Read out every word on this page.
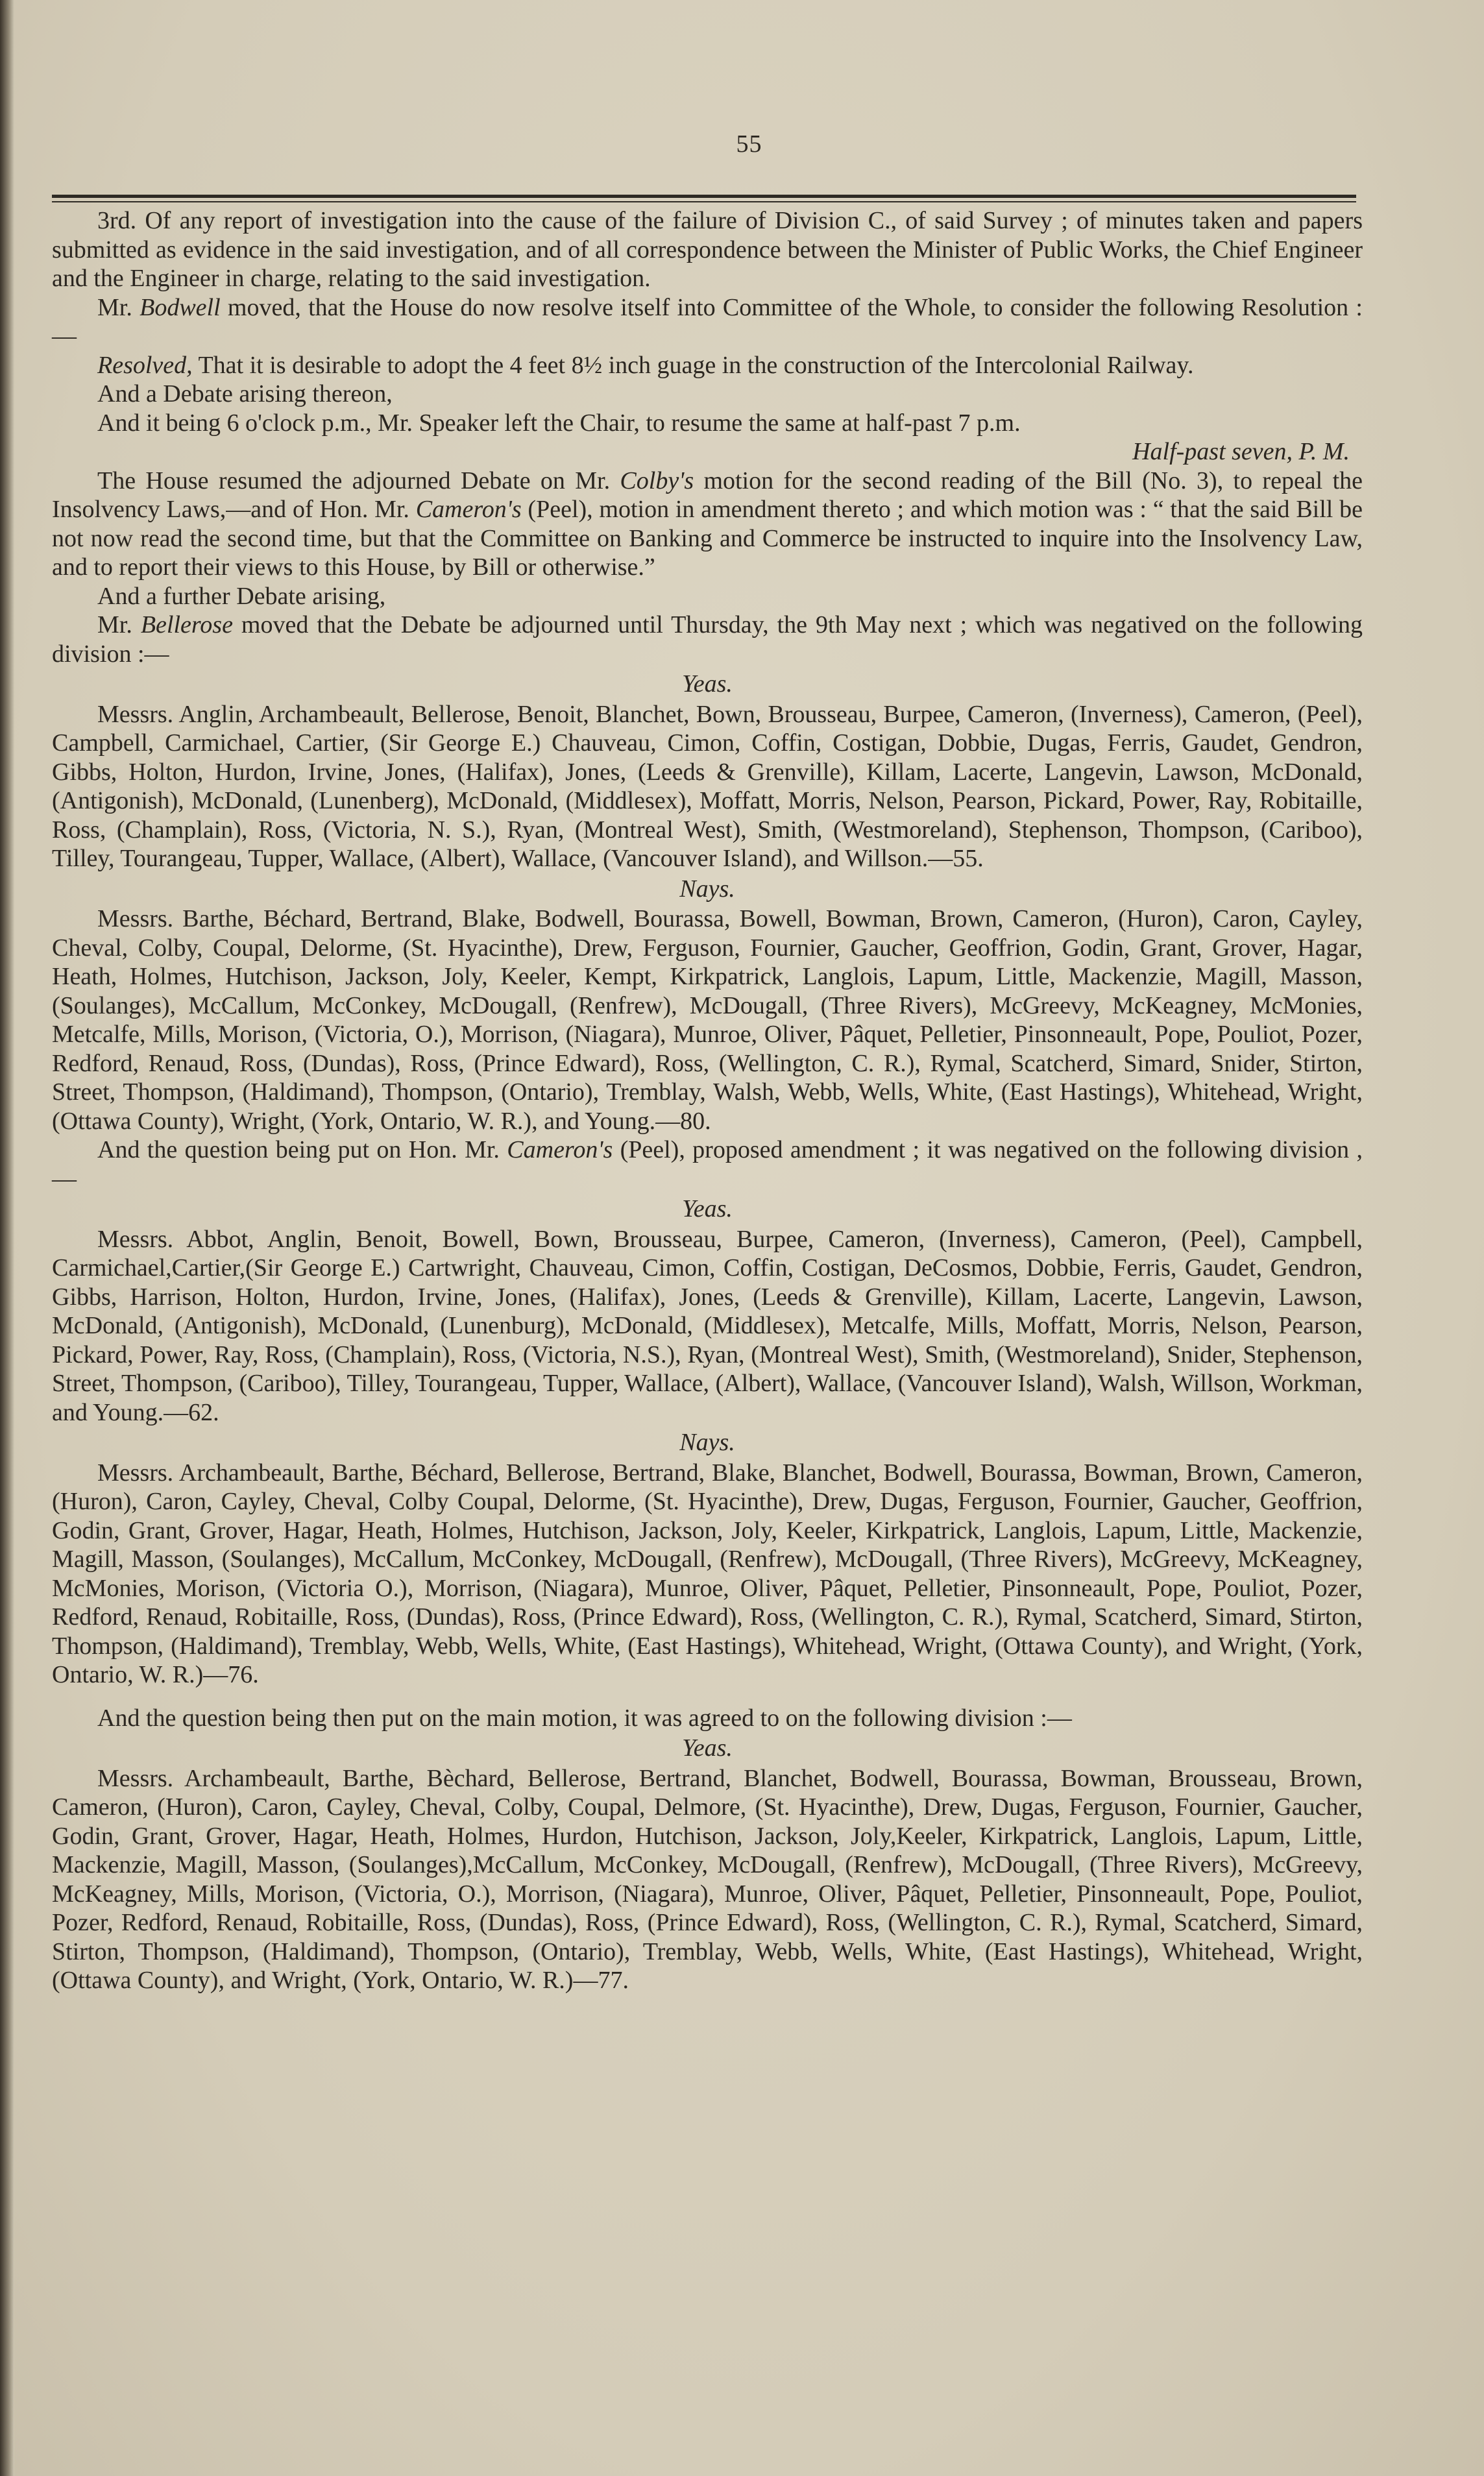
55

3rd. Of any report of investigation into the cause of the failure of Division C., of said Survey ; of minutes taken and papers submitted as evidence in the said investigation, and of all correspondence between the Minister of Public Works, the Chief Engineer and the Engineer in charge, relating to the said investigation.

Mr. Bodwell moved, that the House do now resolve itself into Committee of the Whole, to consider the following Resolution :—

Resolved, That it is desirable to adopt the 4 feet 8½ inch guage in the construction of the Intercolonial Railway.

And a Debate arising thereon,

And it being 6 o'clock p.m., Mr. Speaker left the Chair, to resume the same at half-past 7 p.m.

Half-past seven, P. M.

The House resumed the adjourned Debate on Mr. Colby's motion for the second reading of the Bill (No. 3), to repeal the Insolvency Laws,—and of Hon. Mr. Cameron's (Peel), motion in amendment thereto ; and which motion was : “ that the said Bill be not now read the second time, but that the Committee on Banking and Commerce be instructed to inquire into the Insolvency Law, and to report their views to this House, by Bill or otherwise.”

And a further Debate arising,

Mr. Bellerose moved that the Debate be adjourned until Thursday, the 9th May next ; which was negatived on the following division :—

Yeas.

Messrs. Anglin, Archambeault, Bellerose, Benoit, Blanchet, Bown, Brousseau, Burpee, Cameron, (Inverness), Cameron, (Peel), Campbell, Carmichael, Cartier, (Sir George E.) Chauveau, Cimon, Coffin, Costigan, Dobbie, Dugas, Ferris, Gaudet, Gendron, Gibbs, Holton, Hurdon, Irvine, Jones, (Halifax), Jones, (Leeds & Grenville), Killam, Lacerte, Langevin, Lawson, McDonald, (Antigonish), McDonald, (Lunenberg), McDonald, (Middlesex), Moffatt, Morris, Nelson, Pearson, Pickard, Power, Ray, Robitaille, Ross, (Champlain), Ross, (Victoria, N. S.), Ryan, (Montreal West), Smith, (Westmoreland), Stephenson, Thompson, (Cariboo), Tilley, Tourangeau, Tupper, Wallace, (Albert), Wallace, (Vancouver Island), and Willson.—55.

Nays.

Messrs. Barthe, Béchard, Bertrand, Blake, Bodwell, Bourassa, Bowell, Bowman, Brown, Cameron, (Huron), Caron, Cayley, Cheval, Colby, Coupal, Delorme, (St. Hyacinthe), Drew, Ferguson, Fournier, Gaucher, Geoffrion, Godin, Grant, Grover, Hagar, Heath, Holmes, Hutchison, Jackson, Joly, Keeler, Kempt, Kirkpatrick, Langlois, Lapum, Little, Mackenzie, Magill, Masson, (Soulanges), McCallum, McConkey, McDougall, (Renfrew), McDougall, (Three Rivers), McGreevy, McKeagney, McMonies, Metcalfe, Mills, Morison, (Victoria, O.), Morrison, (Niagara), Munroe, Oliver, Pâquet, Pelletier, Pinsonneault, Pope, Pouliot, Pozer, Redford, Renaud, Ross, (Dundas), Ross, (Prince Edward), Ross, (Wellington, C. R.), Rymal, Scatcherd, Simard, Snider, Stirton, Street, Thompson, (Haldimand), Thompson, (Ontario), Tremblay, Walsh, Webb, Wells, White, (East Hastings), Whitehead, Wright, (Ottawa County), Wright, (York, Ontario, W. R.), and Young.—80.

And the question being put on Hon. Mr. Cameron's (Peel), proposed amendment ; it was negatived on the following division ,—

Yeas.

Messrs. Abbot, Anglin, Benoit, Bowell, Bown, Brousseau, Burpee, Cameron, (Inverness), Cameron, (Peel), Campbell, Carmichael,Cartier,(Sir George E.) Cartwright, Chauveau, Cimon, Coffin, Costigan, DeCosmos, Dobbie, Ferris, Gaudet, Gendron, Gibbs, Harrison, Holton, Hurdon, Irvine, Jones, (Halifax), Jones, (Leeds & Grenville), Killam, Lacerte, Langevin, Lawson, McDonald, (Antigonish), McDonald, (Lunenburg), McDonald, (Middlesex), Metcalfe, Mills, Moffatt, Morris, Nelson, Pearson, Pickard, Power, Ray, Ross, (Champlain), Ross, (Victoria, N.S.), Ryan, (Montreal West), Smith, (Westmoreland), Snider, Stephenson, Street, Thompson, (Cariboo), Tilley, Tourangeau, Tupper, Wallace, (Albert), Wallace, (Vancouver Island), Walsh, Willson, Workman, and Young.—62.

Nays.

Messrs. Archambeault, Barthe, Béchard, Bellerose, Bertrand, Blake, Blanchet, Bodwell, Bourassa, Bowman, Brown, Cameron, (Huron), Caron, Cayley, Cheval, Colby Coupal, Delorme, (St. Hyacinthe), Drew, Dugas, Ferguson, Fournier, Gaucher, Geoffrion, Godin, Grant, Grover, Hagar, Heath, Holmes, Hutchison, Jackson, Joly, Keeler, Kirkpatrick, Langlois, Lapum, Little, Mackenzie, Magill, Masson, (Soulanges), McCallum, McConkey, McDougall, (Renfrew), McDougall, (Three Rivers), McGreevy, McKeagney, McMonies, Morison, (Victoria O.), Morrison, (Niagara), Munroe, Oliver, Pâquet, Pelletier, Pinsonneault, Pope, Pouliot, Pozer, Redford, Renaud, Robitaille, Ross, (Dundas), Ross, (Prince Edward), Ross, (Wellington, C. R.), Rymal, Scatcherd, Simard, Stirton, Thompson, (Haldimand), Tremblay, Webb, Wells, White, (East Hastings), Whitehead, Wright, (Ottawa County), and Wright, (York, Ontario, W. R.)—76.

And the question being then put on the main motion, it was agreed to on the following division :—

Yeas.

Messrs. Archambeault, Barthe, Bèchard, Bellerose, Bertrand, Blanchet, Bodwell, Bourassa, Bowman, Brousseau, Brown, Cameron, (Huron), Caron, Cayley, Cheval, Colby, Coupal, Delmore, (St. Hyacinthe), Drew, Dugas, Ferguson, Fournier, Gaucher, Godin, Grant, Grover, Hagar, Heath, Holmes, Hurdon, Hutchison, Jackson, Joly,Keeler, Kirkpatrick, Langlois, Lapum, Little, Mackenzie, Magill, Masson, (Soulanges),McCallum, McConkey, McDougall, (Renfrew), McDougall, (Three Rivers), McGreevy, McKeagney, Mills, Morison, (Victoria, O.), Morrison, (Niagara), Munroe, Oliver, Pâquet, Pelletier, Pinsonneault, Pope, Pouliot, Pozer, Redford, Renaud, Robitaille, Ross, (Dundas), Ross, (Prince Edward), Ross, (Wellington, C. R.), Rymal, Scatcherd, Simard, Stirton, Thompson, (Haldimand), Thompson, (Ontario), Tremblay, Webb, Wells, White, (East Hastings), Whitehead, Wright, (Ottawa County), and Wright, (York, Ontario, W. R.)—77.
